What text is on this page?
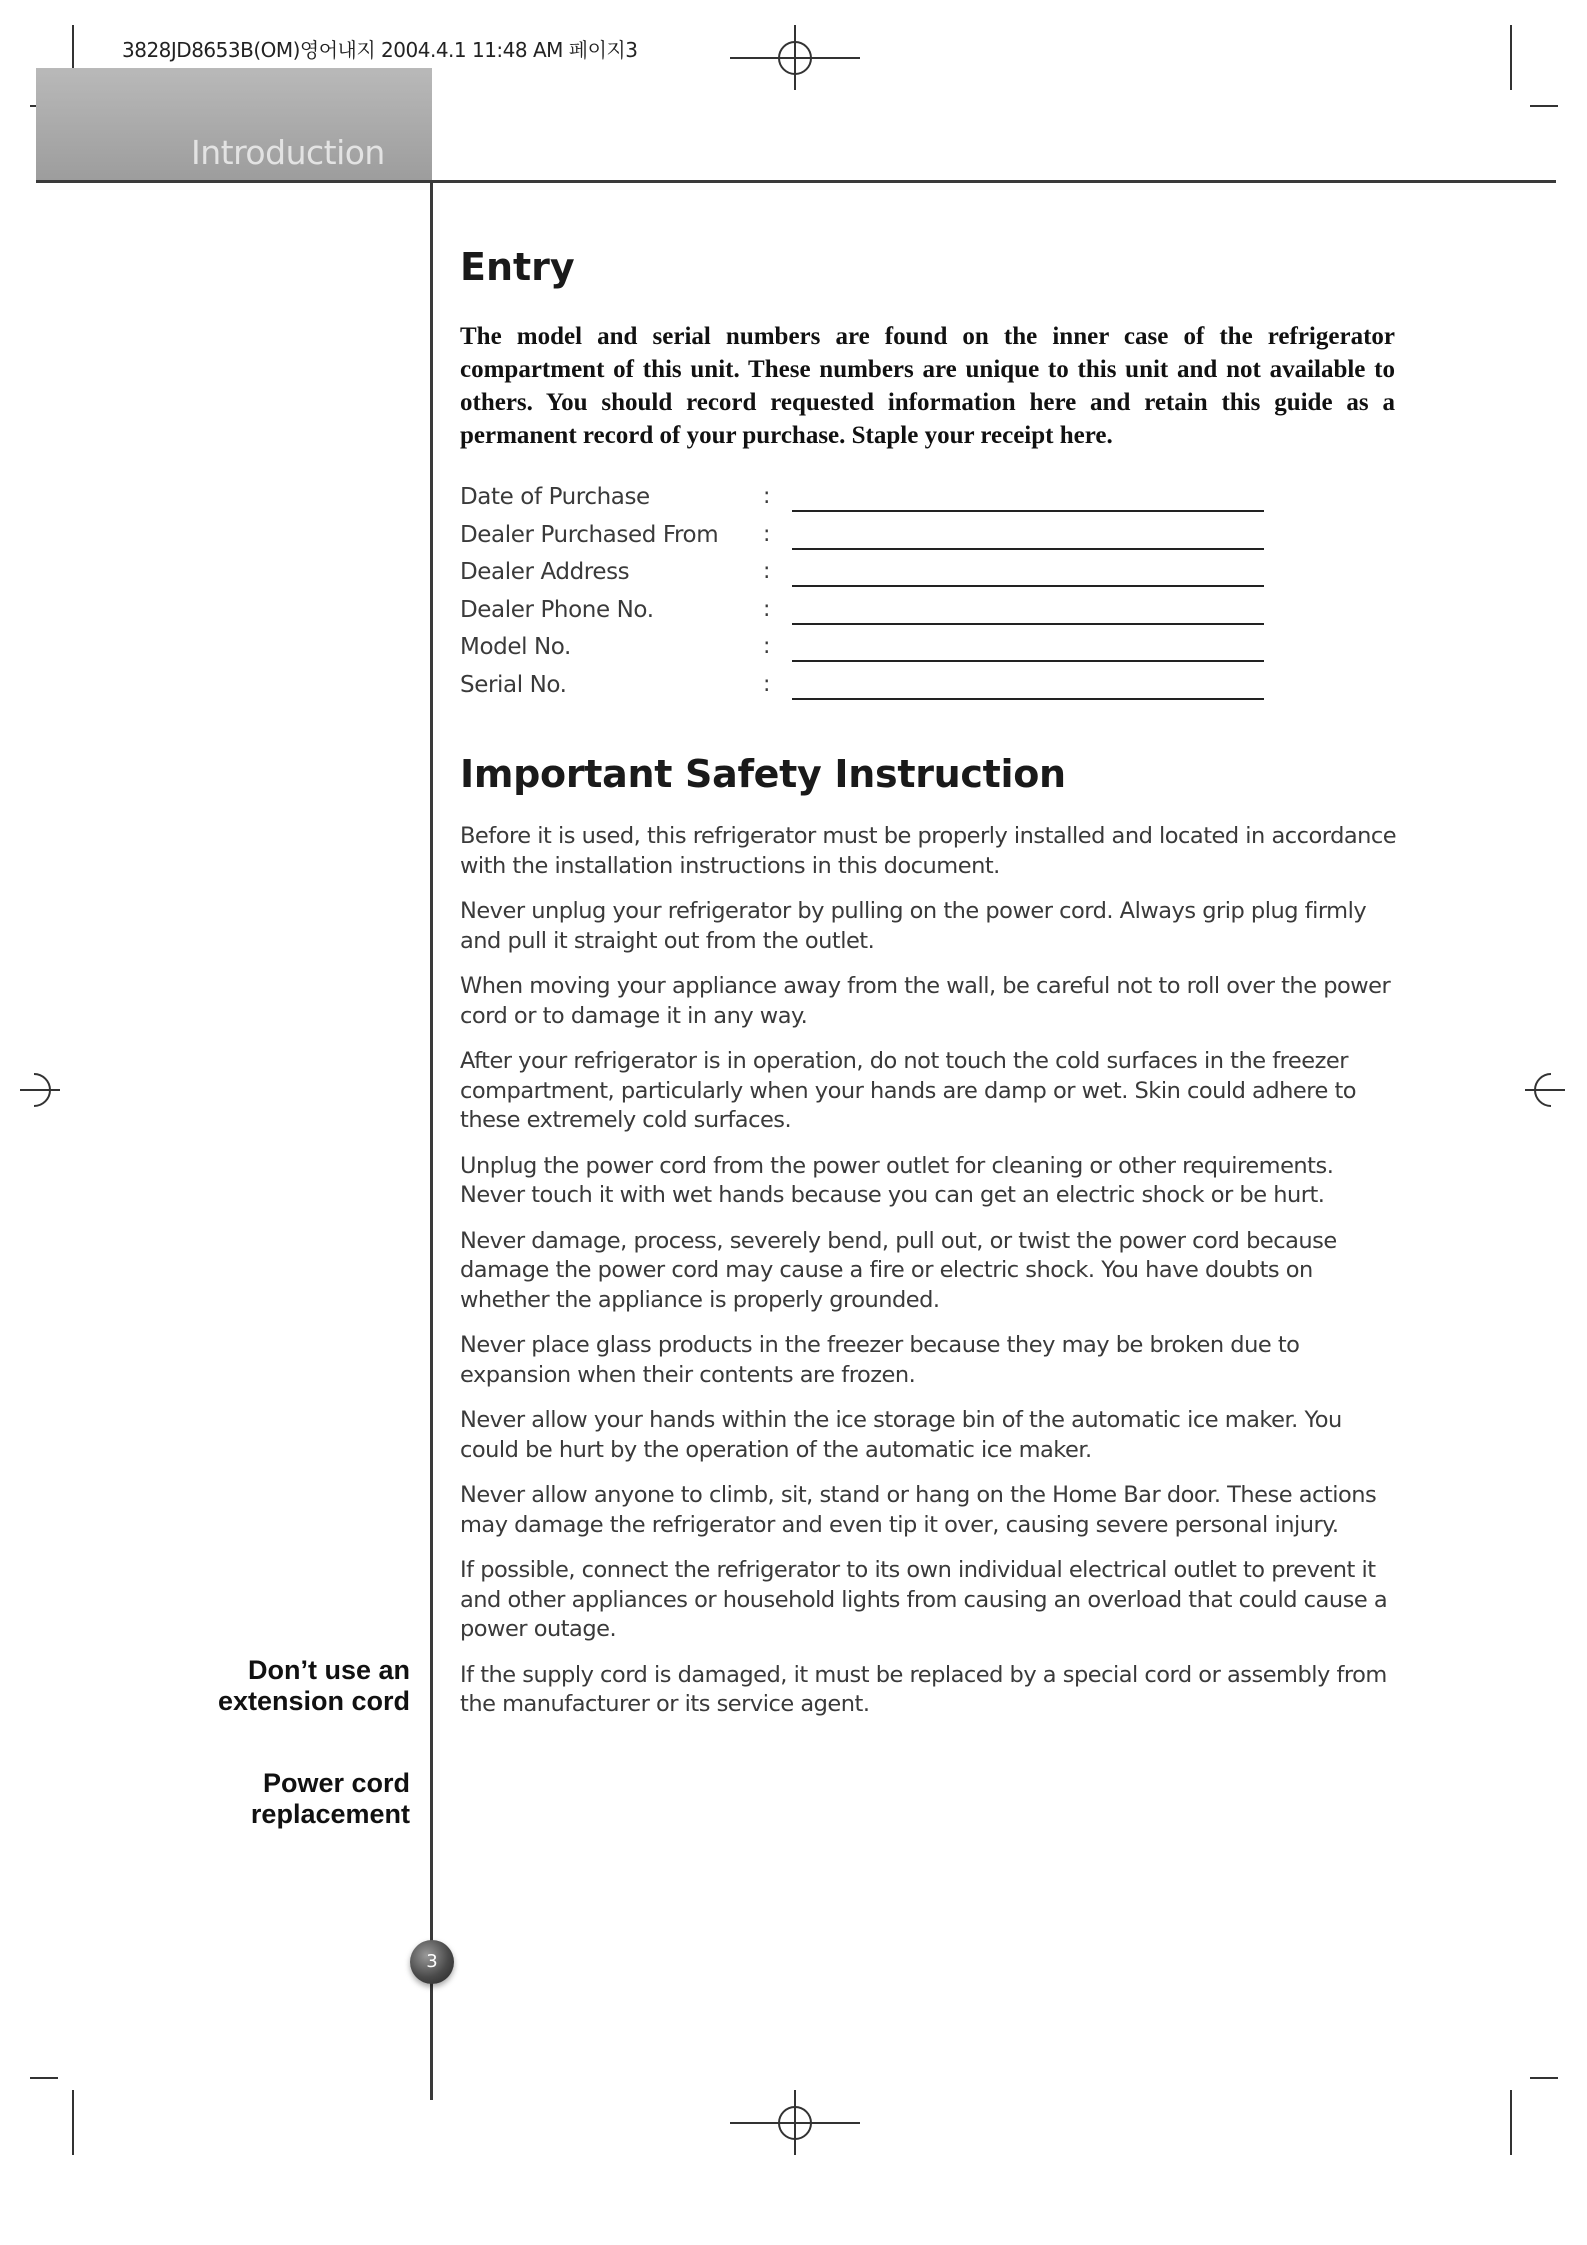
3828JD8653B(OM)영어내지 2004.4.1 11:48 AM 페이지3
Introduction
Entry

The model and serial numbers are found on the inner case of the refrigerator compartment of this unit. These numbers are unique to this unit and not available to others. You should record requested information here and retain this guide as a permanent record of your purchase. Staple your receipt here.

Date of Purchase	:
Dealer Purchased From :
Dealer Address	:
Dealer Phone No.	:
Model No.	:
Serial No.	:
Important Safety Instruction

Before it is used, this refrigerator must be properly installed and located in accordance with the installation instructions in this document.

Never unplug your refrigerator by pulling on the power cord. Always grip plug firmly and pull it straight out from the outlet.

When moving your appliance away from the wall, be careful not to roll over the power cord or to damage it in any way.

After your refrigerator is in operation, do not touch the cold surfaces in the freezer compartment, particularly when your hands are damp or wet. Skin could adhere to these extremely cold surfaces.

Unplug the power cord from the power outlet for cleaning or other requirements. Never touch it with wet hands because you can get an electric shock or be hurt.

Never damage, process, severely bend, pull out, or twist the power cord because damage the power cord may cause a fire or electric shock. You have doubts on whether the appliance is properly grounded.

Never place glass products in the freezer because they may be broken due to expansion when their contents are frozen.

Never allow your hands within the ice storage bin of the automatic ice maker. You could be hurt by the operation of the automatic ice maker.

Never allow anyone to climb, sit, stand or hang on the Home Bar door. These actions may damage the refrigerator and even tip it over, causing severe personal injury.

If possible, connect the refrigerator to its own individual electrical outlet to prevent it and other appliances or household lights from causing an overload that could cause a power outage.

If the supply cord is damaged, it must be replaced by a special cord or assembly from the manufacturer or its service agent.

Don’t use an
extension cord

Power cord
replacement

3
